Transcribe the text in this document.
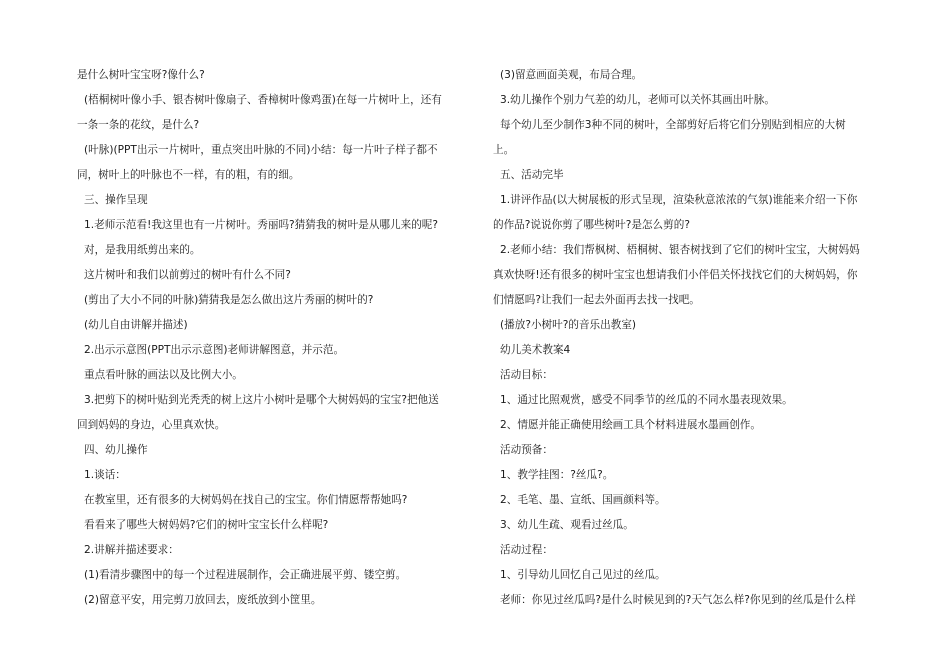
是什么树叶宝宝呀?像什么?
(梧桐树叶像小手、银杏树叶像扇子、香樟树叶像鸡蛋)在每一片树叶上，还有
一条一条的花纹，是什么?
(叶脉)(PPT出示一片树叶，重点突出叶脉的不同)小结：每一片叶子样子都不
同，树叶上的叶脉也不一样，有的粗，有的细。
三、操作呈现
1.老师示范看!我这里也有一片树叶。秀丽吗?猜猜我的树叶是从哪儿来的呢?
对，是我用纸剪出来的。
这片树叶和我们以前剪过的树叶有什么不同?
(剪出了大小不同的叶脉)猜猜我是怎么做出这片秀丽的树叶的?
(幼儿自由讲解并描述)
2.出示示意图(PPT出示示意图)老师讲解图意，并示范。
重点看叶脉的画法以及比例大小。
3.把剪下的树叶贴到光秃秃的树上这片小树叶是哪个大树妈妈的宝宝?把他送
回到妈妈的身边，心里真欢快。
四、幼儿操作
1.谈话：
在教室里，还有很多的大树妈妈在找自己的宝宝。你们情愿帮帮她吗?
看看来了哪些大树妈妈?它们的树叶宝宝长什么样呢?
2.讲解并描述要求：
(1)看清步骤图中的每一个过程进展制作，会正确进展平剪、镂空剪。
(2)留意平安，用完剪刀放回去，废纸放到小筐里。
(3)留意画面美观，布局合理。
3.幼儿操作个别力气差的幼儿，老师可以关怀其画出叶脉。
每个幼儿至少制作3种不同的树叶，全部剪好后将它们分别贴到相应的大树
上。
五、活动完毕
1.讲评作品(以大树展板的形式呈现，渲染秋意浓浓的气氛)谁能来介绍一下你
的作品?说说你剪了哪些树叶?是怎么剪的?
2.老师小结：我们帮枫树、梧桐树、银杏树找到了它们的树叶宝宝，大树妈妈
真欢快呀!还有很多的树叶宝宝也想请我们小伴侣关怀找找它们的大树妈妈，你
们情愿吗?让我们一起去外面再去找一找吧。
(播放?小树叶?的音乐出教室)
幼儿美术教案4
活动目标：
1、通过比照观赏，感受不同季节的丝瓜的不同水墨表现效果。
2、情愿并能正确使用绘画工具个材料进展水墨画创作。
活动预备：
1、教学挂图：?丝瓜?。
2、毛笔、墨、宣纸、国画颜料等。
3、幼儿生疏、观看过丝瓜。
活动过程：
1、引导幼儿回忆自己见过的丝瓜。
老师：你见过丝瓜吗?是什么时候见到的?天气怎么样?你见到的丝瓜是什么样
